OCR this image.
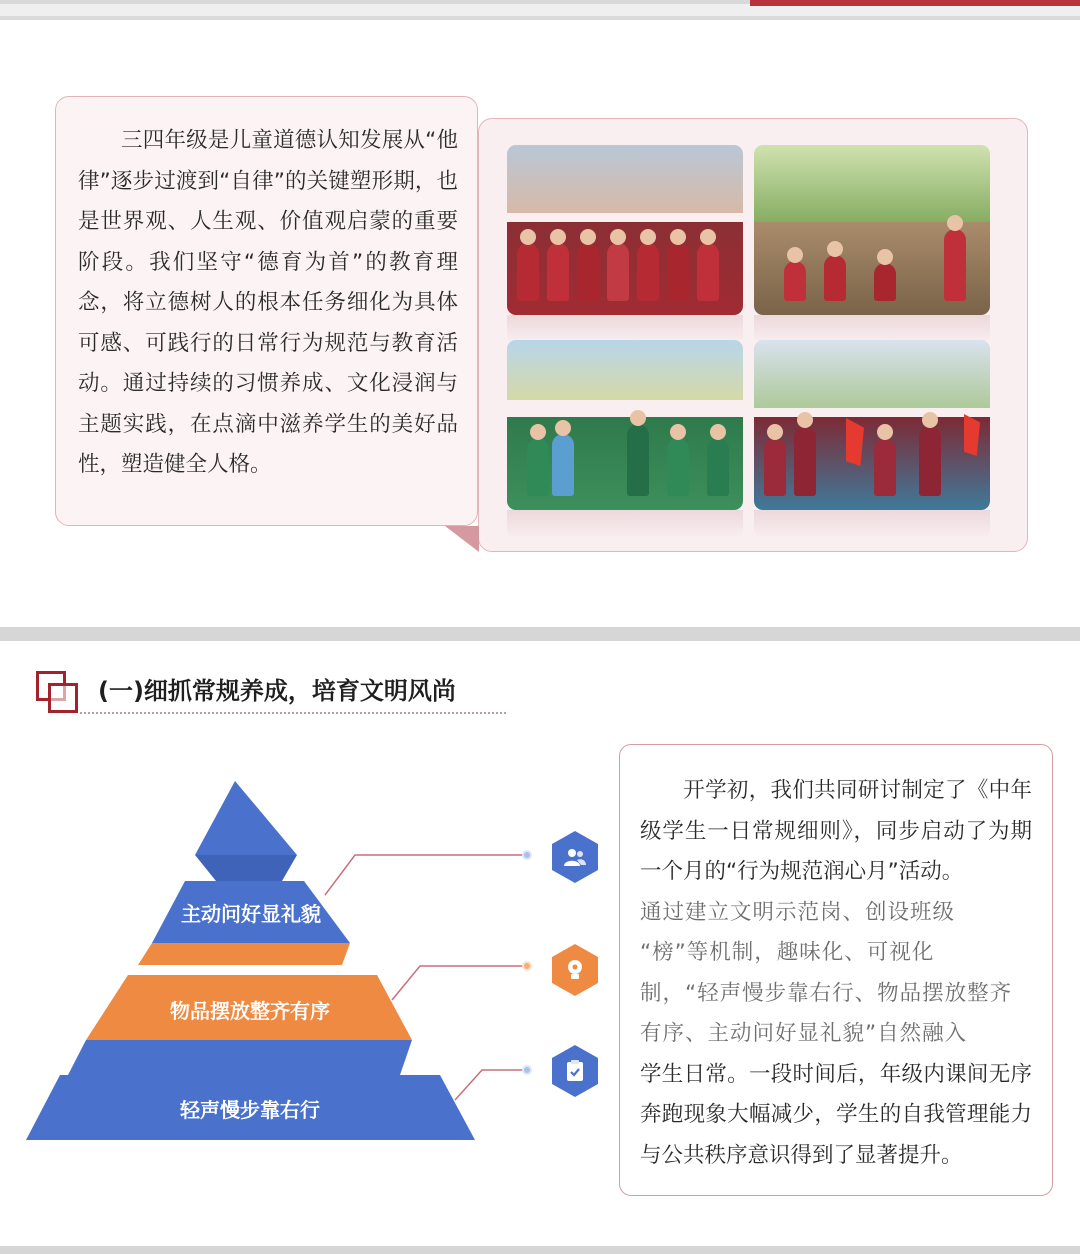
三四年级是儿童道德认知发展从“他律”逐步过渡到“自律”的关键塑形期，也是世界观、人生观、价值观启蒙的重要阶段。我们坚守“德育为首”的教育理念，将立德树人的根本任务细化为具体可感、可践行的日常行为规范与教育活动。通过持续的习惯养成、文化浸润与主题实践，在点滴中滋养学生的美好品性，塑造健全人格。

(一)细抓常规养成，培育文明风尚
主动问好显礼貌
物品摆放整齐有序
轻声慢步靠右行
开学初，我们共同研讨制定了《中年级学生一日常规细则》，同步启动了为期一个月的“行为规范润心月”活动。
通过建立文明示范岗、创设班级
“榜”等机制，趣味化、可视化
制，“轻声慢步靠右行、物品摆放整齐
有序、主动问好显礼貌”自然融入
学生日常。一段时间后，年级内课间无序奔跑现象大幅减少，学生的自我管理能力与公共秩序意识得到了显著提升。
